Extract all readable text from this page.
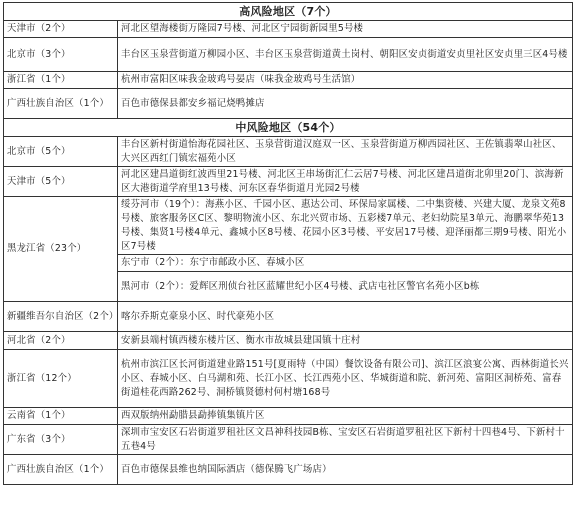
高风险地区（7个）	
天津市（2个）	河北区望海楼街万隆园7号楼、河北区宁园街新园里5号楼
北京市（3个）	丰台区玉泉营街道万柳园小区、丰台区玉泉营街道黄土岗村、朝阳区安贞街道安贞里社区安贞里三区4号楼
浙江省（1个）	杭州市富阳区味我金玻鸡号晏店（味我金玻鸡号生活馆）
广西壮族自治区（1个）	百色市德保县都安乡福记烧鸭摊店
中风险地区（54个）	
北京市（5个）	丰台区新村街道怡海花园社区、玉泉营街道汉庭双一区、玉泉营街道万柳西园社区、王佐镇翡翠山社区、大兴区西红门镇宏福苑小区
天津市（5个）	河北区建昌道街红波西里21号楼、河北区王串场街汇仁云居7号楼、河北区建昌道街北卯里20门、滨海新区大港街道学府里13号楼、河东区春华街道月光园2号楼
黑龙江省（23个）	绥芬河市（19个）：海燕小区、千园小区、惠达公司、环保局家属楼、二中集资楼、兴建大厦、龙泉文苑8号楼、旅客服务区C区、黎明物流小区、东北兴贸市场、五彩楼7单元、老妇幼院星3单元、海鹏翠华苑13号楼、集贤1号楼4单元、鑫城小区8号楼、花园小区3号楼、平安居17号楼、迎泽丽都三期9号楼、阳光小区7号楼
	东宁市（2个）：东宁市邮政小区、春城小区
	黑河市（2个）：爱辉区刑侦台社区蓝耀世纪小区4号楼、武店屯社区警官名苑小区b栋
新疆维吾尔自治区（2个）	喀尔乔斯克豪泉小区、时代豪苑小区
河北省（2个）	安新县端村镇西楼东楼片区、衡水市故城县建国镇十庄村
浙江省（12个）	杭州市滨江区长河街道建业路151号[夏雨特（中国）餐饮设备有限公司]、滨江区浪宴公寓、西林街道长兴小区、春城小区、白马湖和苑、长江小区、长江西苑小区、华城街道和院、新河苑、富阳区洞桥苑、富春街道桂花西路262号、洞桥镇贤德村何村塘168号
云南省（1个）	西双版纳州勐腊县勐捧镇集镇片区
广东省（3个）	深圳市宝安区石岩街道罗租社区文昌神科技园B栋、宝安区石岩街道罗租社区下新村十四巷4号、下新村十五巷4号
广西壮族自治区（1个）	百色市德保县维也纳国际酒店（德保腾飞广场店）
